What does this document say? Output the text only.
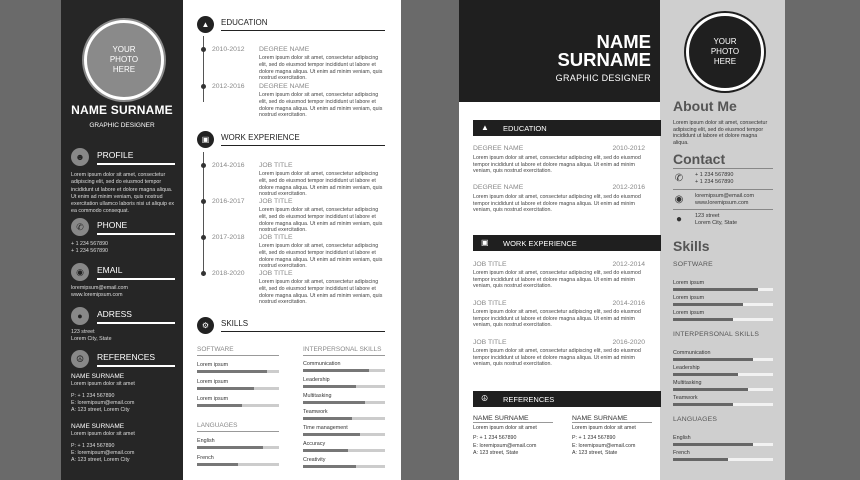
YOUR PHOTO HERE
NAME SURNAME
GRAPHIC DESIGNER
☻	PROFILE
Lorem ipsum dolor sit amet, consectetur adipiscing elit, sed do eiusmod tempor incididunt ut labore et dolore magna aliqua. Ut enim ad minim veniam, quis nostrud exercitation ullamco laboris nisi ut aliquip ex ea commodo consequat.
✆	PHONE
+ 1 234 567890
+ 1 234 567890
◉	EMAIL
loremipsum@email.com
www.loremipsum.com
●	ADRESS
123 street
Lorem City, State
☮	REFERENCES
NAME SURNAME
Lorem ipsum dolor sit amet
P: + 1 234 567890
E: loremipsum@email.com
A: 123 street, Lorem City
NAME SURNAME
Lorem ipsum dolor sit amet
P: + 1 234 567890
E: loremipsum@email.com
A: 123 street, Lorem City
▲	EDUCATION
2010-2012 DEGREE NAME
Lorem ipsum dolor sit amet, consectetur adipiscing elit, sed do eiusmod tempor incididunt ut labore et dolore magna aliqua. Ut enim ad minim veniam, quis nostrud exercitation.
2012-2016 DEGREE NAME
Lorem ipsum dolor sit amet, consectetur adipiscing elit, sed do eiusmod tempor incididunt ut labore et dolore magna aliqua. Ut enim ad minim veniam, quis nostrud exercitation.
▣	WORK EXPERIENCE
2014-2016 JOB TITLE
Lorem ipsum dolor sit amet, consectetur adipiscing elit, sed do eiusmod tempor incididunt ut labore et dolore magna aliqua. Ut enim ad minim veniam, quis nostrud exercitation.
2016-2017 JOB TITLE
Lorem ipsum dolor sit amet, consectetur adipiscing elit, sed do eiusmod tempor incididunt ut labore et dolore magna aliqua. Ut enim ad minim veniam, quis nostrud exercitation.
2017-2018 JOB TITLE
Lorem ipsum dolor sit amet, consectetur adipiscing elit, sed do eiusmod tempor incididunt ut labore et dolore magna aliqua. Ut enim ad minim veniam, quis nostrud exercitation.
2018-2020 JOB TITLE
Lorem ipsum dolor sit amet, consectetur adipiscing elit, sed do eiusmod tempor incididunt ut labore et dolore magna aliqua. Ut enim ad minim veniam, quis nostrud exercitation.
⚙	SKILLS
SOFTWARE
Lorem ipsum
Lorem ipsum
Lorem ipsum
LANGUAGES
English
French
INTERPERSONAL SKILLS
Communication
Leadership
Multitasking
Teamwork
Time management
Accuracy
Creativity
NAME
SURNAME
GRAPHIC DESIGNER
YOUR PHOTO HERE
▲ EDUCATION
DEGREE NAME	2010-2012
Lorem ipsum dolor sit amet, consectetur adipiscing elit, sed do eiusmod tempor incididunt ut labore et dolore magna aliqua. Ut enim ad minim veniam, quis nostrud exercitation.
DEGREE NAME	2012-2016
Lorem ipsum dolor sit amet, consectetur adipiscing elit, sed do eiusmod tempor incididunt ut labore et dolore magna aliqua. Ut enim ad minim veniam, quis nostrud exercitation.
▣ WORK EXPERIENCE
JOB TITLE	2012-2014
Lorem ipsum dolor sit amet, consectetur adipiscing elit, sed do eiusmod tempor incididunt ut labore et dolore magna aliqua. Ut enim ad minim veniam, quis nostrud exercitation.
JOB TITLE	2014-2016
Lorem ipsum dolor sit amet, consectetur adipiscing elit, sed do eiusmod tempor incididunt ut labore et dolore magna aliqua. Ut enim ad minim veniam, quis nostrud exercitation.
JOB TITLE	2016-2020
Lorem ipsum dolor sit amet, consectetur adipiscing elit, sed do eiusmod tempor incididunt ut labore et dolore magna aliqua. Ut enim ad minim veniam, quis nostrud exercitation.
☮ REFERENCES
NAME SURNAME
Lorem ipsum dolor sit amet
P: + 1 234 567890
E: loremipsum@email.com
A: 123 street, State
NAME SURNAME
Lorem ipsum dolor sit amet
P: + 1 234 567890
E: loremipsum@email.com
A: 123 street, State
About Me
Lorem ipsum dolor sit amet, consectetur adipiscing elit, sed do eiusmod tempor incididunt ut labore et dolore magna aliqua.
Contact
✆	+ 1 234 567890
+ 1 234 567890
◉ loremipsum@email.com
www.loremipsum.com
●	123 street
Lorem City, State
Skills
SOFTWARE
Lorem ipsum
Lorem ipsum
Lorem ipsum
INTERPERSONAL SKILLS
Communication
Leadership
Multitasking
Teamwork
LANGUAGES
English
French
